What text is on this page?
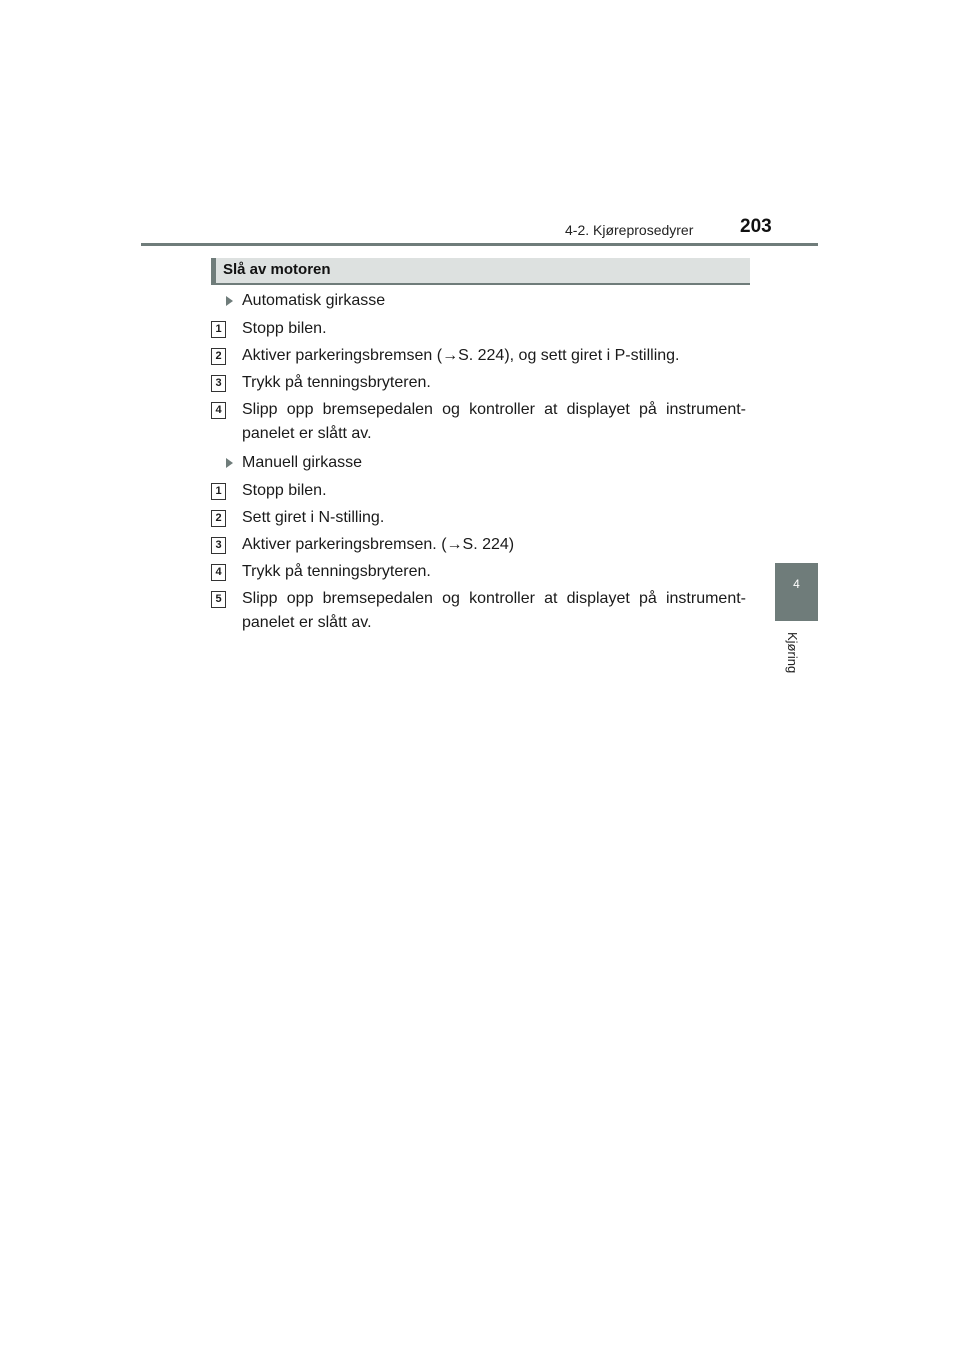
4-2. Kjøreprosedyrer 203
4
Kjøring
Slå av motoren
Automatisk girkasse
1 Stopp bilen.
2 Aktiver parkeringsbremsen (→S. 224), og sett giret i P-stilling.
3 Trykk på tenningsbryteren.
4 Slipp opp bremsepedalen og kontroller at displayet på instrumentpanelet er slått av.
Manuell girkasse
1 Stopp bilen.
2 Sett giret i N-stilling.
3 Aktiver parkeringsbremsen. (→S. 224)
4 Trykk på tenningsbryteren.
5 Slipp opp bremsepedalen og kontroller at displayet på instrumentpanelet er slått av.
